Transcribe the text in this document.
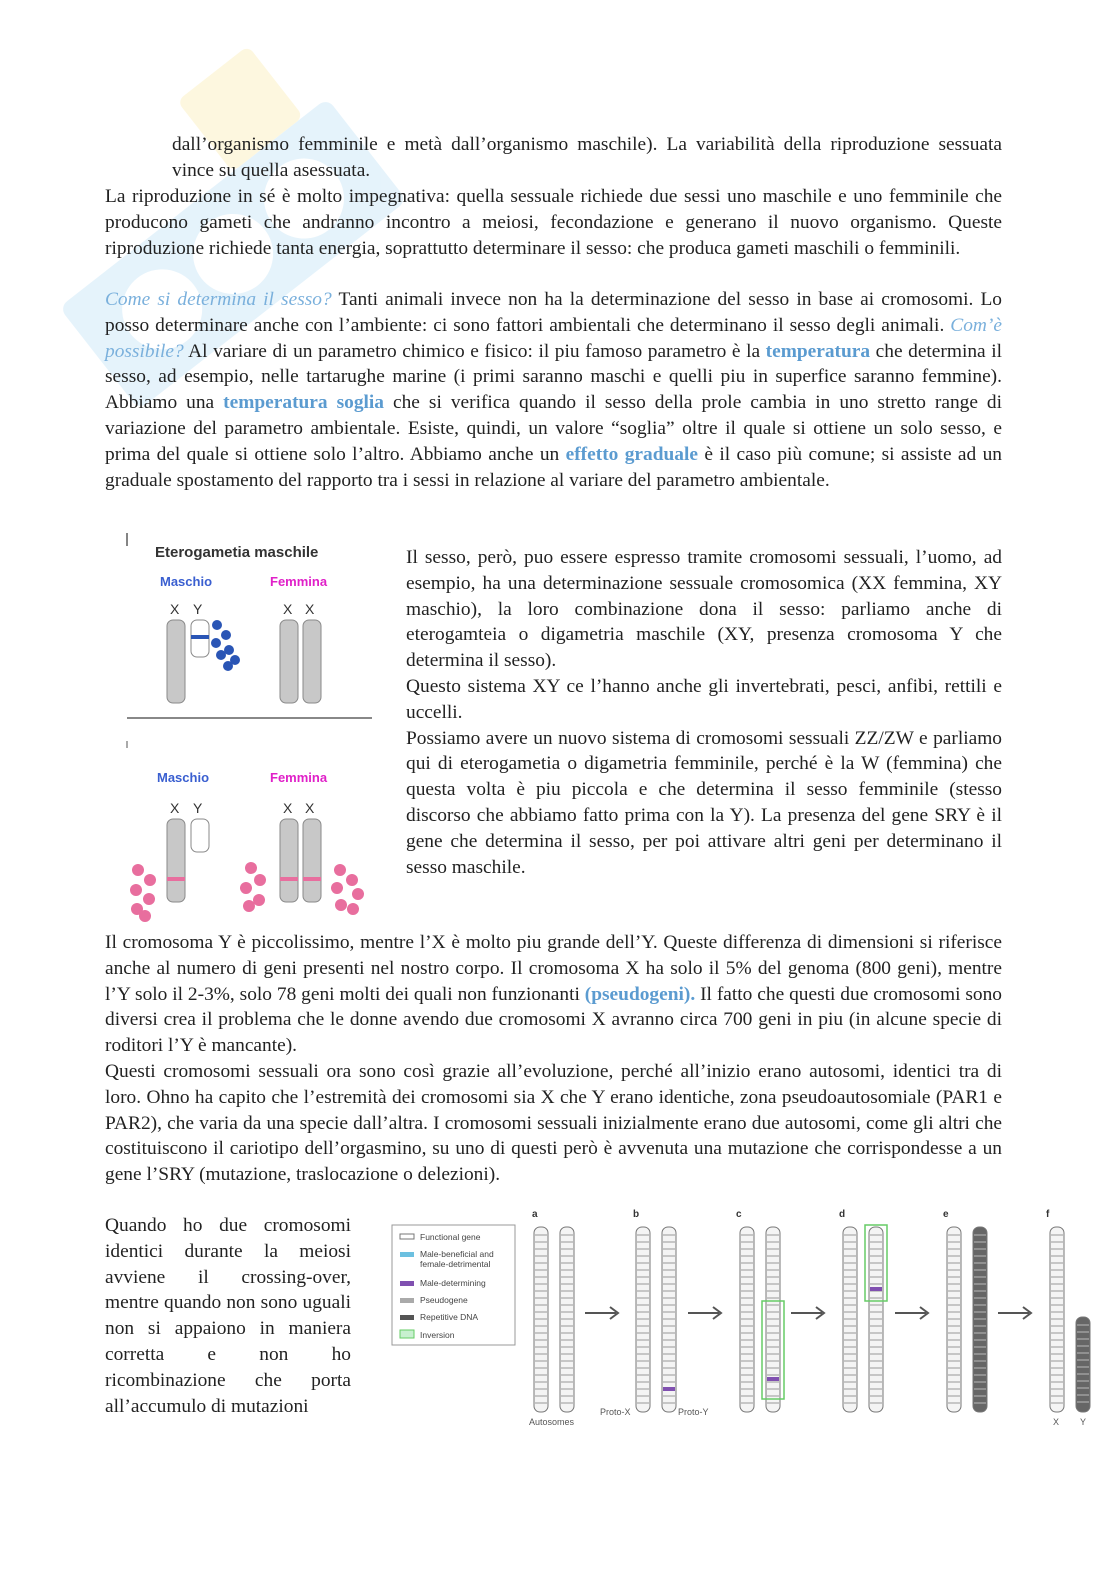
dall’organismo femminile e metà dall’organismo maschile). La variabilità della riproduzione sessuata vince su quella asessuata.

La riproduzione in sé è molto impegnativa: quella sessuale richiede due sessi uno maschile e uno femminile che producono gameti che andranno incontro a meiosi, fecondazione e generano il nuovo organismo. Queste riproduzione richiede tanta energia, soprattutto determinare il sesso: che produca gameti maschili o femminili.

Come si determina il sesso? Tanti animali invece non ha la determinazione del sesso in base ai cromosomi. Lo posso determinare anche con l’ambiente: ci sono fattori ambientali che determinano il sesso degli animali. Com’è possibile? Al variare di un parametro chimico e fisico: il piu famoso parametro è la temperatura che determina il sesso, ad esempio, nelle tartarughe marine (i primi saranno maschi e quelli piu in superfice saranno femmine). Abbiamo una temperatura soglia che si verifica quando il sesso della prole cambia in uno stretto range di variazione del parametro ambientale. Esiste, quindi, un valore “soglia” oltre il quale si ottiene un solo sesso, e prima del quale si ottiene solo l’altro. Abbiamo anche un effetto graduale è il caso più comune; si assiste ad un graduale spostamento del rapporto tra i sessi in relazione al variare del parametro ambientale.

Eterogametia maschile
Maschio	Femmina
X Y	X X
Maschio	Femmina
X Y	X X

Il sesso, però, puo essere espresso tramite cromosomi sessuali, l’uomo, ad esempio, ha una determinazione sessuale cromosomica (XX femmina, XY maschio), la loro combinazione dona il sesso: parliamo anche di eterogamteia o digametria maschile (XY, presenza cromosoma Y che determina il sesso).

Questo sistema XY ce l’hanno anche gli invertebrati, pesci, anfibi, rettili e uccelli.

Possiamo avere un nuovo sistema di cromosomi sessuali ZZ/ZW e parliamo qui di eterogametia o digametria femminile, perché è la W (femmina) che questa volta è piu piccola e che determina il sesso femminile (stesso discorso che abbiamo fatto prima con la Y). La presenza del gene SRY è il gene che determina il sesso, per poi attivare altri geni per determinano il sesso maschile.

Il cromosoma Y è piccolissimo, mentre l’X è molto piu grande dell’Y. Queste differenza di dimensioni si riferisce anche al numero di geni presenti nel nostro corpo. Il cromosoma X ha solo il 5% del genoma (800 geni), mentre l’Y solo il 2-3%, solo 78 geni molti dei quali non funzionanti (pseudogeni). Il fatto che questi due cromosomi sono diversi crea il problema che le donne avendo due cromosomi X avranno circa 700 geni in piu (in alcune specie di roditori l’Y è mancante).

Questi cromosomi sessuali ora sono così grazie all’evoluzione, perché all’inizio erano autosomi, identici tra di loro. Ohno ha capito che l’estremità dei cromosomi sia X che Y erano identiche, zona pseudoautosomiale (PAR1 e PAR2), che varia da una specie dall’altra. I cromosomi sessuali inizialmente erano due autosomi, come gli altri che costituiscono il cariotipo dell’orgasmino, su uno di questi però è avvenuta una mutazione che corrispondesse a un gene l’SRY (mutazione, traslocazione o delezioni).

Quando ho due cromosomi identici durante la meiosi avviene il crossing-over, mentre quando non sono uguali non si appaiono in maniera corretta e non ho ricombinazione che porta all’accumulo di mutazioni

Functional gene
Male-beneficial and female-detrimental
Male-determining
Pseudogene
Repetitive DNA
Inversion
a	b	c	d	e	f
Autosomes
Proto-X	Proto-Y
X Y
